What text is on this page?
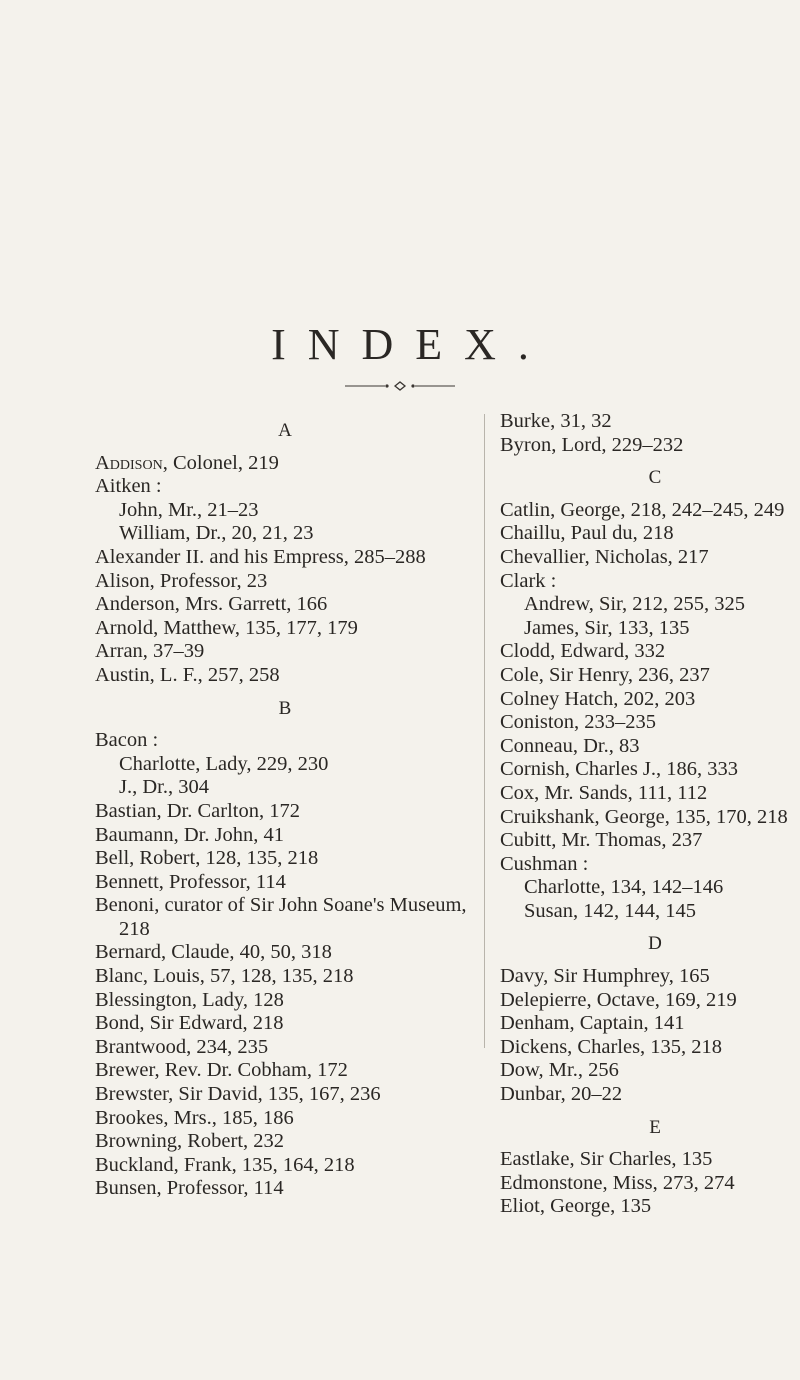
INDEX.
A
Addison, Colonel, 219
Aitken :
John, Mr., 21–23
William, Dr., 20, 21, 23
Alexander II. and his Empress, 285–288
Alison, Professor, 23
Anderson, Mrs. Garrett, 166
Arnold, Matthew, 135, 177, 179
Arran, 37–39
Austin, L. F., 257, 258
B
Bacon :
Charlotte, Lady, 229, 230
J., Dr., 304
Bastian, Dr. Carlton, 172
Baumann, Dr. John, 41
Bell, Robert, 128, 135, 218
Bennett, Professor, 114
Benoni, curator of Sir John Soane's Museum, 218
Bernard, Claude, 40, 50, 318
Blanc, Louis, 57, 128, 135, 218
Blessington, Lady, 128
Bond, Sir Edward, 218
Brantwood, 234, 235
Brewer, Rev. Dr. Cobham, 172
Brewster, Sir David, 135, 167, 236
Brookes, Mrs., 185, 186
Browning, Robert, 232
Buckland, Frank, 135, 164, 218
Bunsen, Professor, 114
Burke, 31, 32
Byron, Lord, 229–232
C
Catlin, George, 218, 242–245, 249
Chaillu, Paul du, 218
Chevallier, Nicholas, 217
Clark :
Andrew, Sir, 212, 255, 325
James, Sir, 133, 135
Clodd, Edward, 332
Cole, Sir Henry, 236, 237
Colney Hatch, 202, 203
Coniston, 233–235
Conneau, Dr., 83
Cornish, Charles J., 186, 333
Cox, Mr. Sands, 111, 112
Cruikshank, George, 135, 170, 218
Cubitt, Mr. Thomas, 237
Cushman :
Charlotte, 134, 142–146
Susan, 142, 144, 145
D
Davy, Sir Humphrey, 165
Delepierre, Octave, 169, 219
Denham, Captain, 141
Dickens, Charles, 135, 218
Dow, Mr., 256
Dunbar, 20–22
E
Eastlake, Sir Charles, 135
Edmonstone, Miss, 273, 274
Eliot, George, 135
